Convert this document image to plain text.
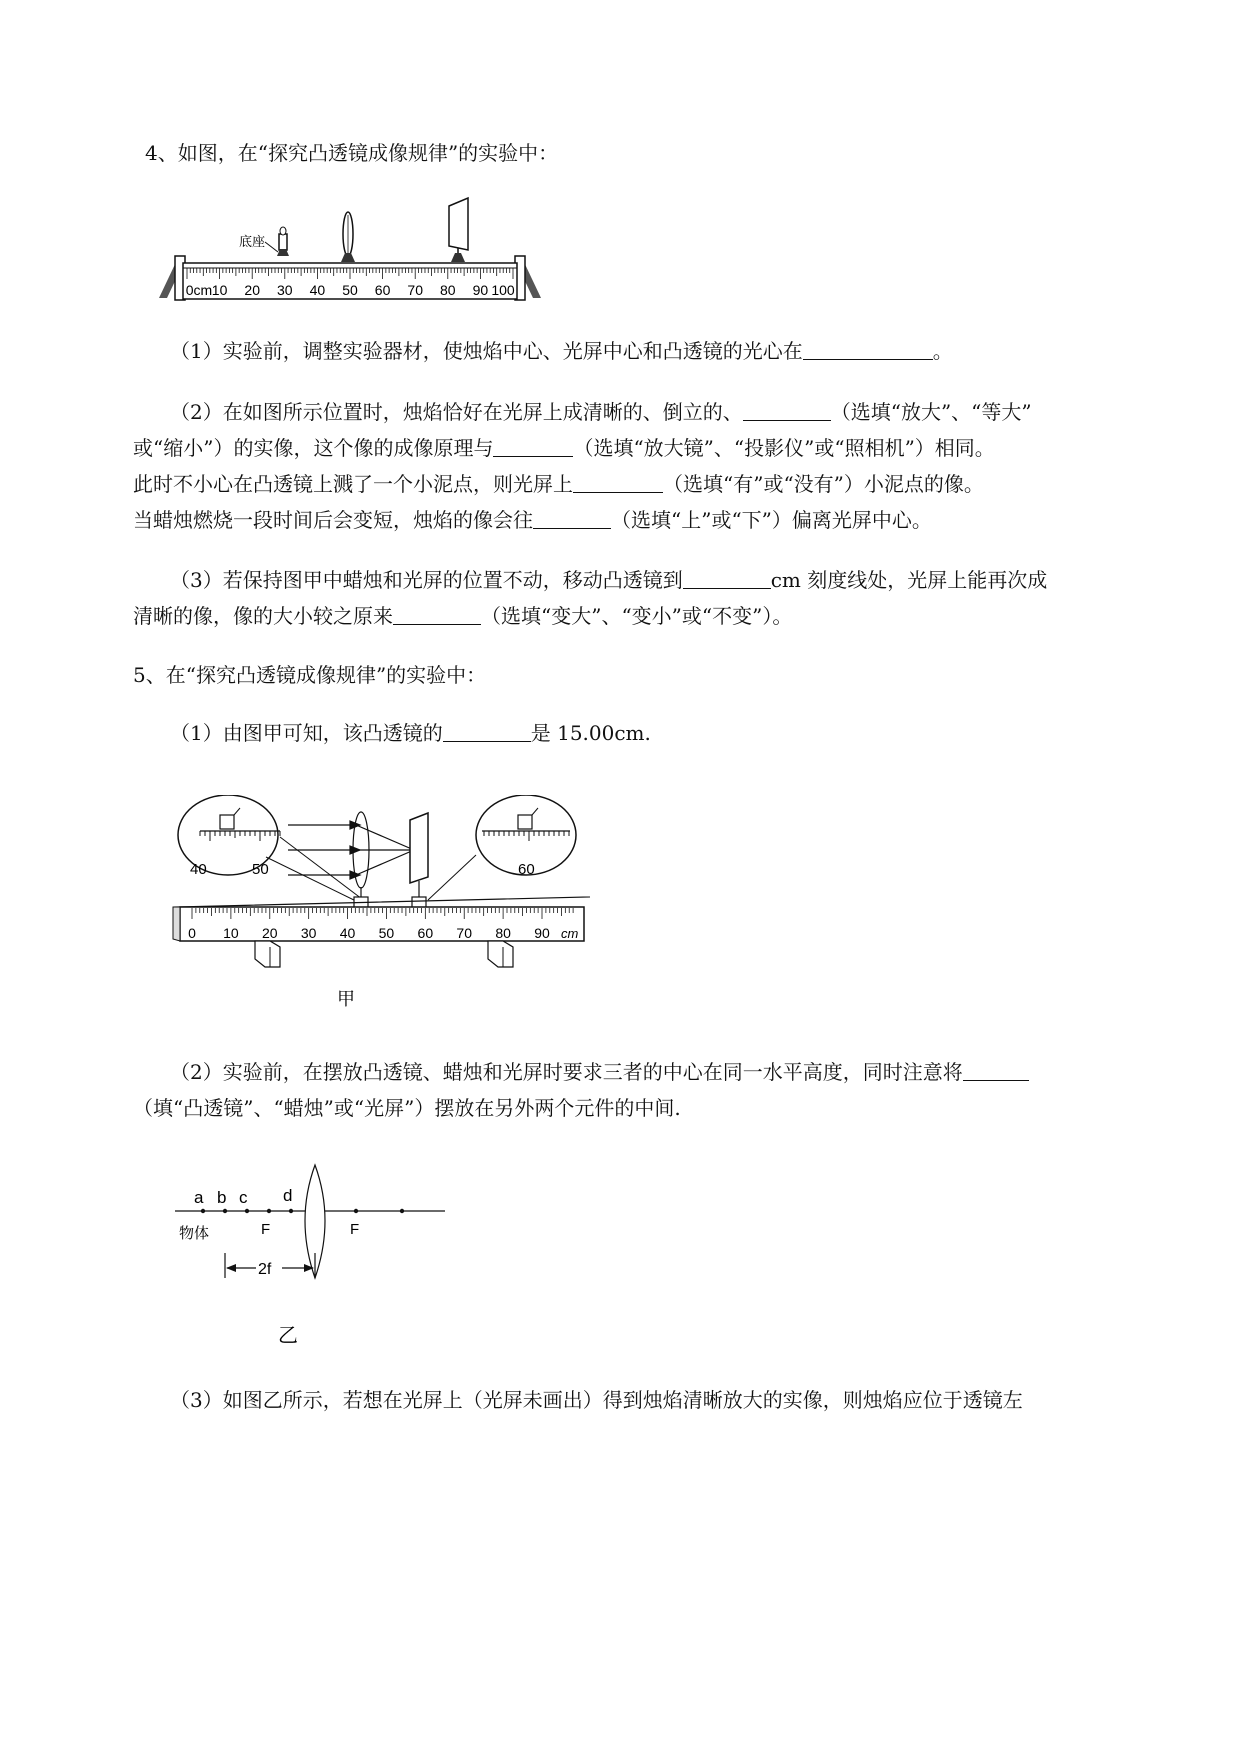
4、如图，在“探究凸透镜成像规律”的实验中：
0cm 10 20 30 40 50 60 70 80 90 100
底座
（1）实验前，调整实验器材，使烛焰中心、光屏中心和凸透镜的光心在	。
（2）在如图所示位置时，烛焰恰好在光屏上成清晰的、倒立的、	（选填“放大”、“等大”
或“缩小”）的实像，这个像的成像原理与	（选填“放大镜”、“投影仪”或“照相机”）相同。
此时不小心在凸透镜上溅了一个小泥点，则光屏上	（选填“有”或“没有”）小泥点的像。
当蜡烛燃烧一段时间后会变短，烛焰的像会往	（选填“上”或“下”）偏离光屏中心。
（3）若保持图甲中蜡烛和光屏的位置不动，移动凸透镜到	cm 刻度线处，光屏上能再次成
清晰的像，像的大小较之原来	（选填“变大”、“变小”或“不变”）。
5、在“探究凸透镜成像规律”的实验中：
（1）由图甲可知，该凸透镜的	是 15.00cm.
40	50	60
0 10 20 30 40 50 60 70 80 90 cm
甲
（2）实验前，在摆放凸透镜、蜡烛和光屏时要求三者的中心在同一水平高度，同时注意将
（填“凸透镜”、“蜡烛”或“光屏”）摆放在另外两个元件的中间.
a b c d
物体	F	F
2f
乙
（3）如图乙所示，若想在光屏上（光屏未画出）得到烛焰清晰放大的实像，则烛焰应位于透镜左
